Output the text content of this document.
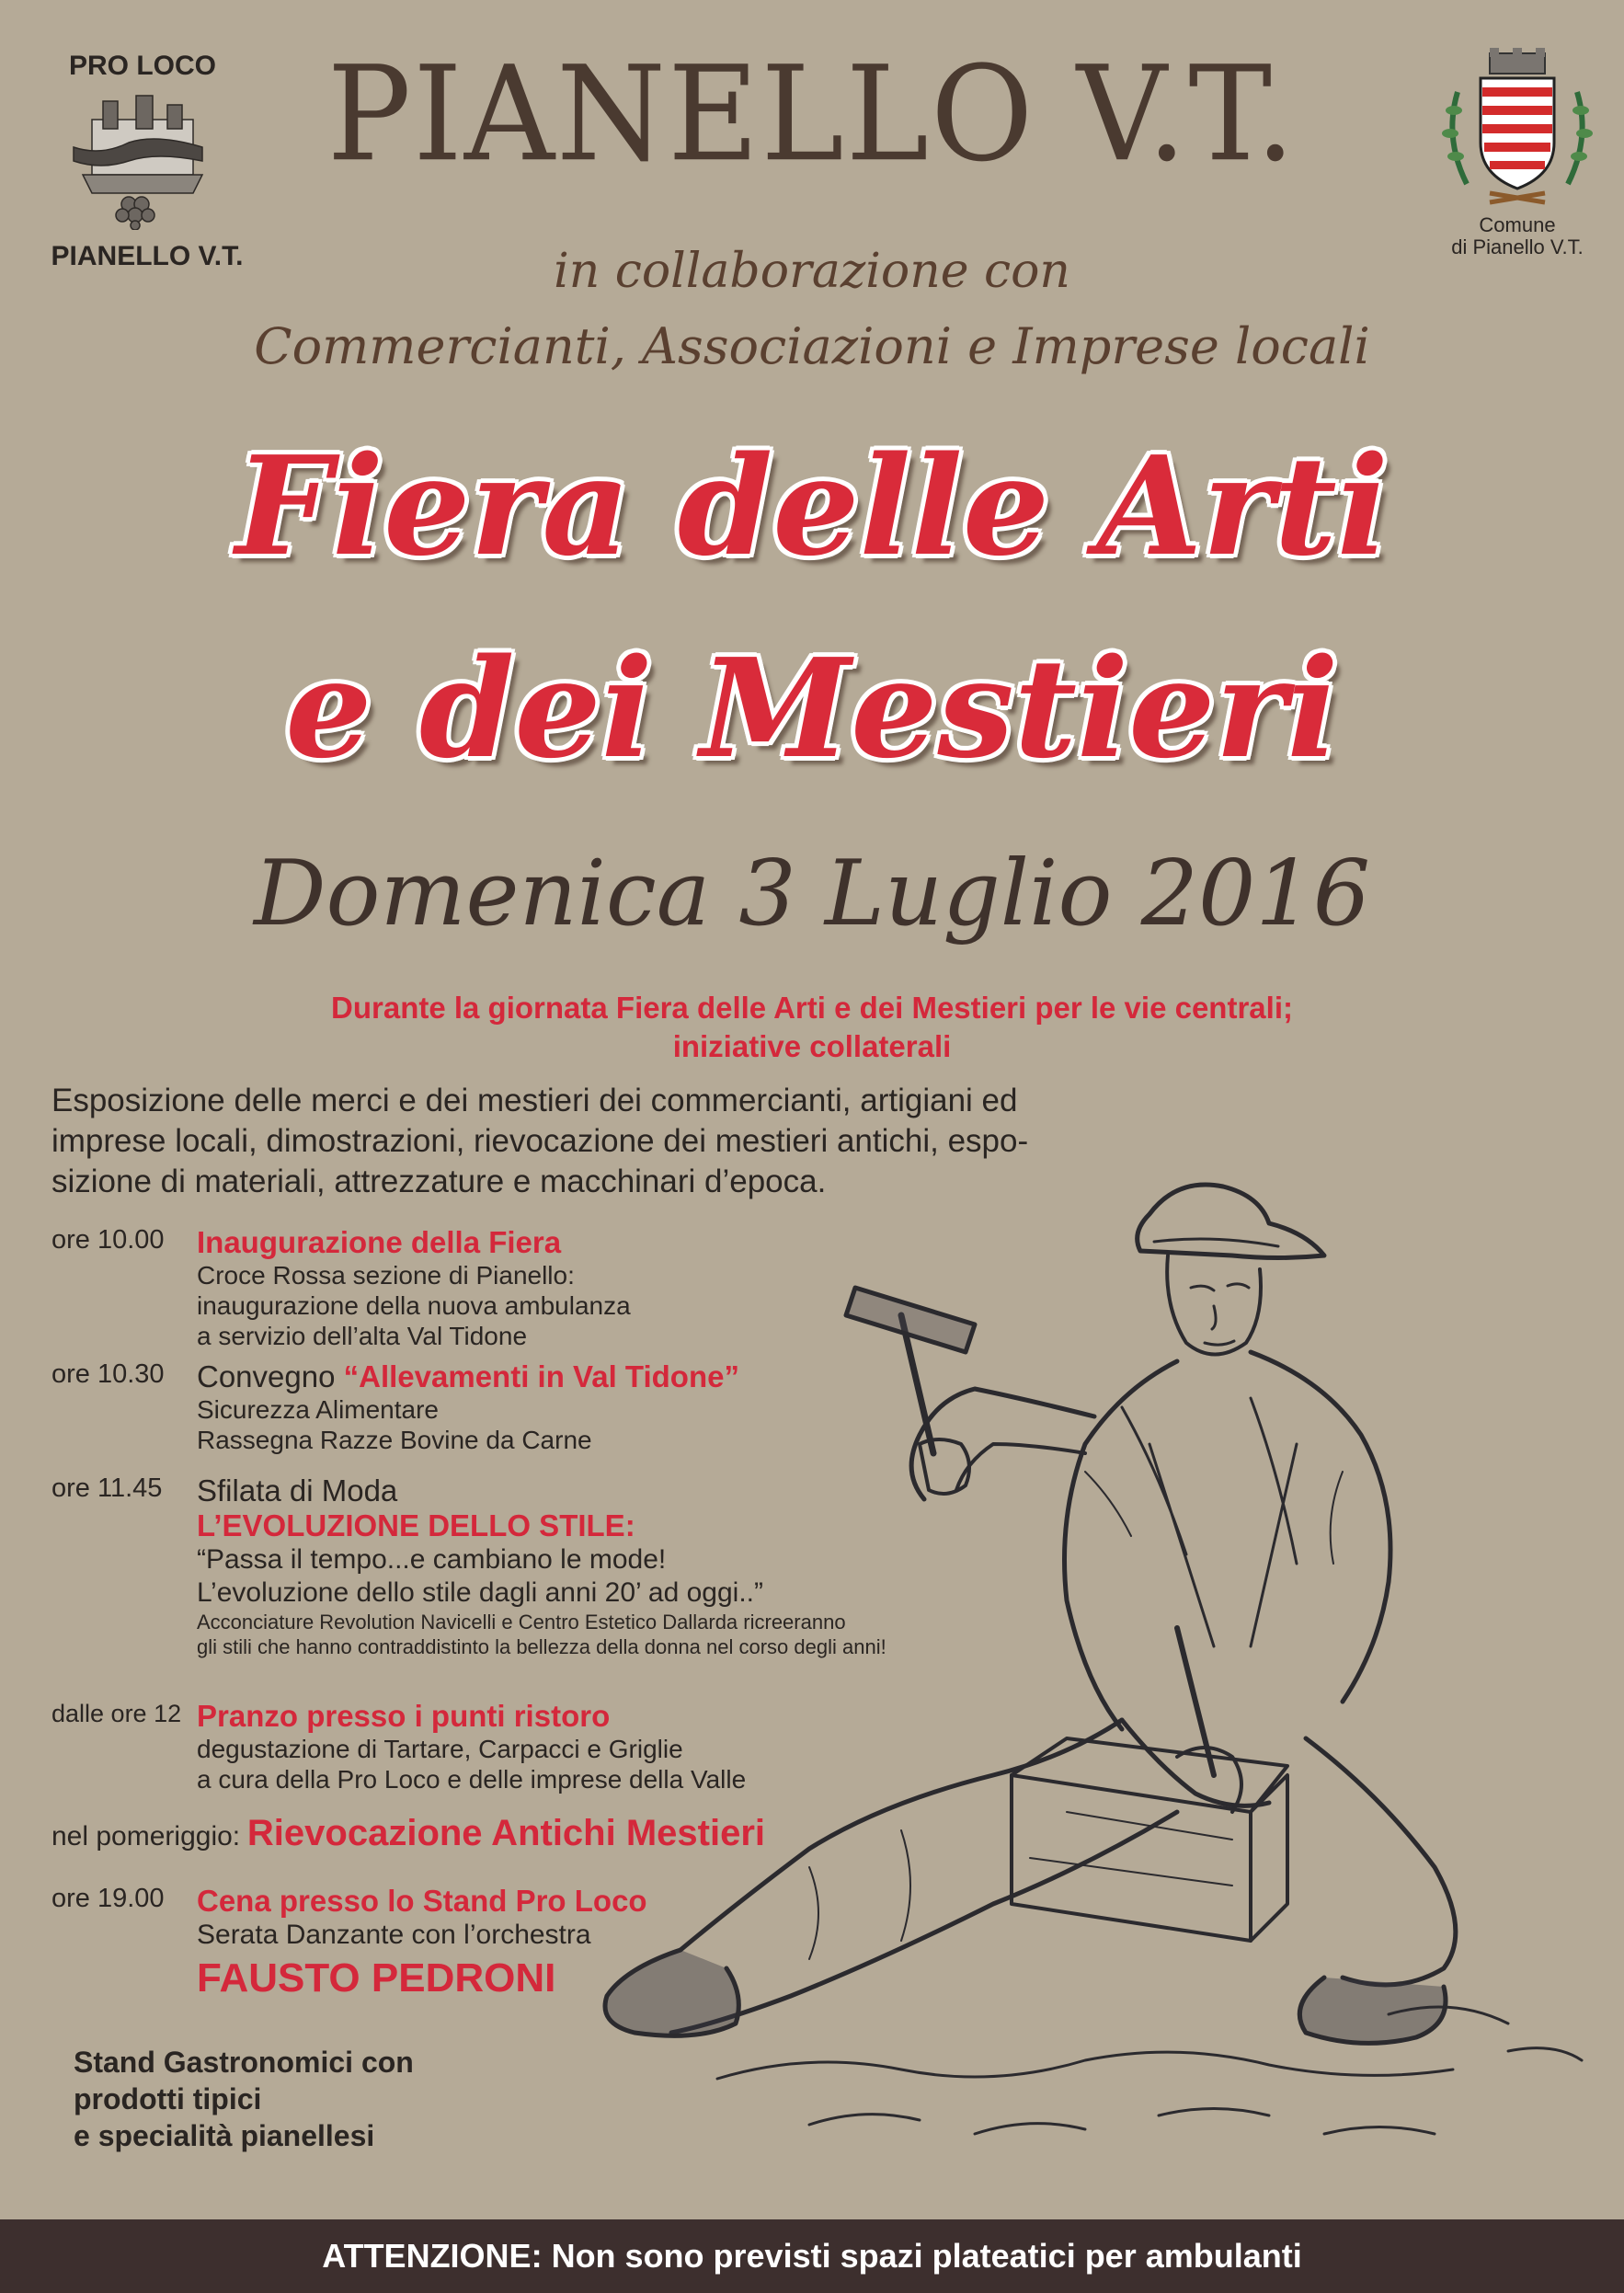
PRO LOCO
PIANELLO V.T.
PIANELLO V.T.
Comune
di Pianello V.T.
in collaborazione con
Commercianti, Associazioni e Imprese locali
Fiera delle Arti
e dei Mestieri
Domenica 3 Luglio 2016
Durante la giornata Fiera delle Arti e dei Mestieri per le vie centrali;
iniziative collaterali
Esposizione delle merci e dei mestieri dei commercianti, artigiani ed
imprese locali, dimostrazioni, rievocazione dei mestieri antichi, espo-
sizione di materiali, attrezzature e macchinari d’epoca.
ore 10.00 Inaugurazione della Fiera
Croce Rossa sezione di Pianello:
inaugurazione della nuova ambulanza
a servizio dell’alta Val Tidone
ore 10.30 Convegno “Allevamenti in Val Tidone”
Sicurezza Alimentare
Rassegna Razze Bovine da Carne
ore 11.45 Sfilata di Moda
L’EVOLUZIONE DELLO STILE:
“Passa il tempo...e cambiano le mode!
L’evoluzione dello stile dagli anni 20’ ad oggi..”
Acconciature Revolution Navicelli e Centro Estetico Dallarda ricreeranno
gli stili che hanno contraddistinto la bellezza della donna nel corso degli anni!
dalle ore 12 Pranzo presso i punti ristoro
degustazione di Tartare, Carpacci e Griglie
a cura della Pro Loco e delle imprese della Valle
nel pomeriggio: Rievocazione Antichi Mestieri
ore 19.00 Cena presso lo Stand Pro Loco
Serata Danzante con l’orchestra
FAUSTO PEDRONI
Stand Gastronomici con
prodotti tipici
e specialità pianellesi
ATTENZIONE: Non sono previsti spazi plateatici per ambulanti
